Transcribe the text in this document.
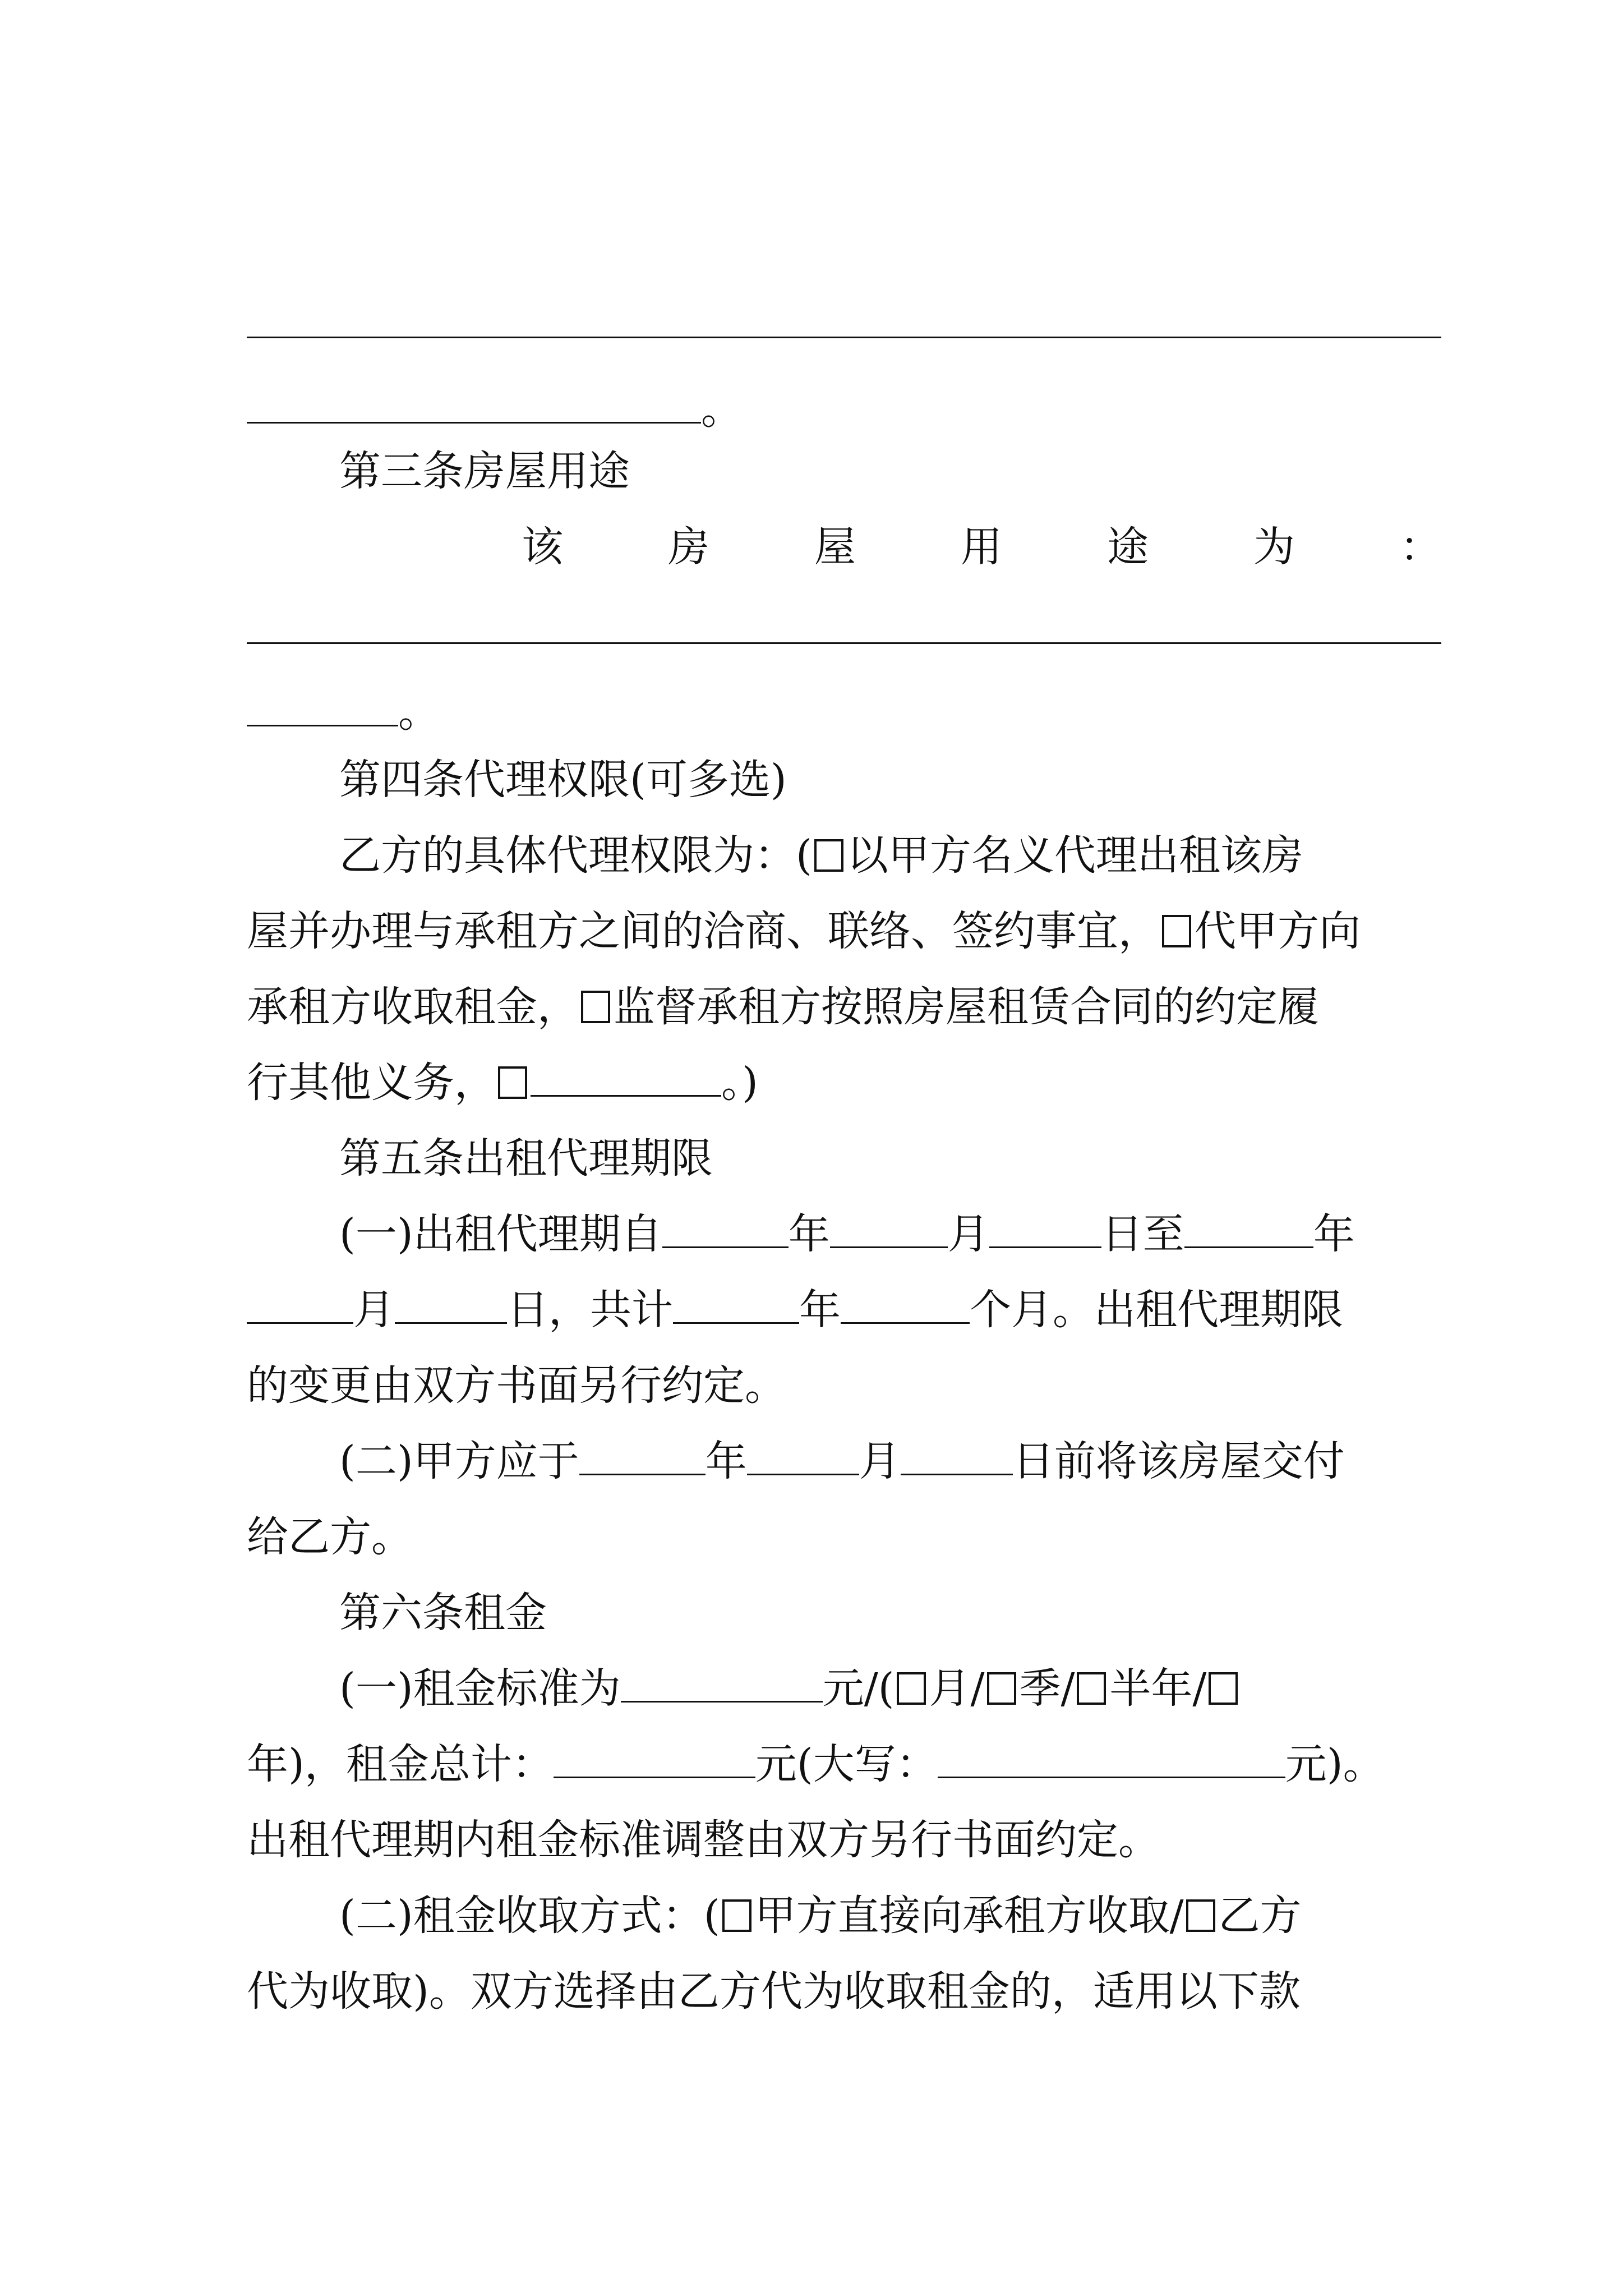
。
第三条房屋用途
该	房	屋	用	途	为	：
。
第四条代理权限(可多选)
乙方的具体代理权限为：( 以甲方名义代理出租该房
屋并办理与承租方之间的洽商、联络、签约事宜， 代甲方向
承租方收取租金， 监督承租方按照房屋租赁合同的约定履
行其他义务，	。)
第五条出租代理期限
(一)出租代理期自	年	月	日至	年
月	日，共计	年	个月。出租代理期限
的变更由双方书面另行约定。
(二)甲方应于	年	月	日前将该房屋交付
给乙方。
第六条租金
(一)租金标准为	元/( 月/ 季/ 半年/
年)，租金总计：	元(大写：	元)。
出租代理期内租金标准调整由双方另行书面约定。
(二)租金收取方式：( 甲方直接向承租方收取/ 乙方
代为收取)。双方选择由乙方代为收取租金的，适用以下款
